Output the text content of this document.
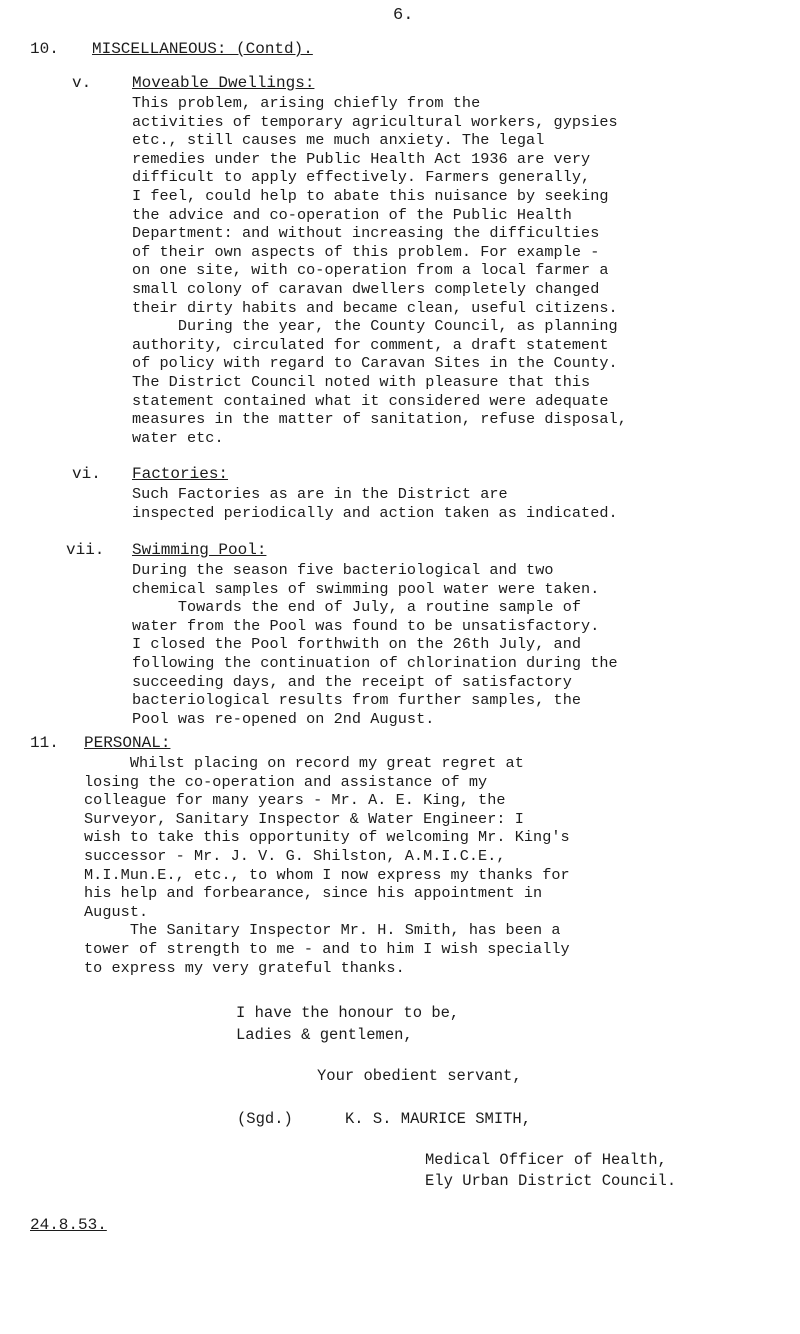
6.
10. MISCELLANEOUS: (Contd).
v.	Moveable Dwellings:
This problem, arising chiefly from the
activities of temporary agricultural workers, gypsies
etc., still causes me much anxiety. The legal
remedies under the Public Health Act 1936 are very
difficult to apply effectively. Farmers generally,
I feel, could help to abate this nuisance by seeking
the advice and co-operation of the Public Health
Department: and without increasing the difficulties
of their own aspects of this problem. For example -
on one site, with co-operation from a local farmer a
small colony of caravan dwellers completely changed
their dirty habits and became clean, useful citizens.
During the year, the County Council, as planning
authority, circulated for comment, a draft statement
of policy with regard to Caravan Sites in the County.
The District Council noted with pleasure that this
statement contained what it considered were adequate
measures in the matter of sanitation, refuse disposal,
water etc.
vi. Factories:
Such Factories as are in the District are
inspected periodically and action taken as indicated.
vii. Swimming Pool:
During the season five bacteriological and two
chemical samples of swimming pool water were taken.
Towards the end of July, a routine sample of
water from the Pool was found to be unsatisfactory.
I closed the Pool forthwith on the 26th July, and
following the continuation of chlorination during the
succeeding days, and the receipt of satisfactory
bacteriological results from further samples, the
Pool was re-opened on 2nd August.
11. PERSONAL:
Whilst placing on record my great regret at
losing the co-operation and assistance of my
colleague for many years - Mr. A. E. King, the
Surveyor, Sanitary Inspector & Water Engineer: I
wish to take this opportunity of welcoming Mr. King's
successor - Mr. J. V. G. Shilston, A.M.I.C.E.,
M.I.Mun.E., etc., to whom I now express my thanks for
his help and forbearance, since his appointment in
August.
The Sanitary Inspector Mr. H. Smith, has been a
tower of strength to me - and to him I wish specially
to express my very grateful thanks.
I have the honour to be,
Ladies & gentlemen,
Your obedient servant,
(Sgd.)	K. S. MAURICE SMITH,
Medical Officer of Health,
Ely Urban District Council.
24.8.53.
